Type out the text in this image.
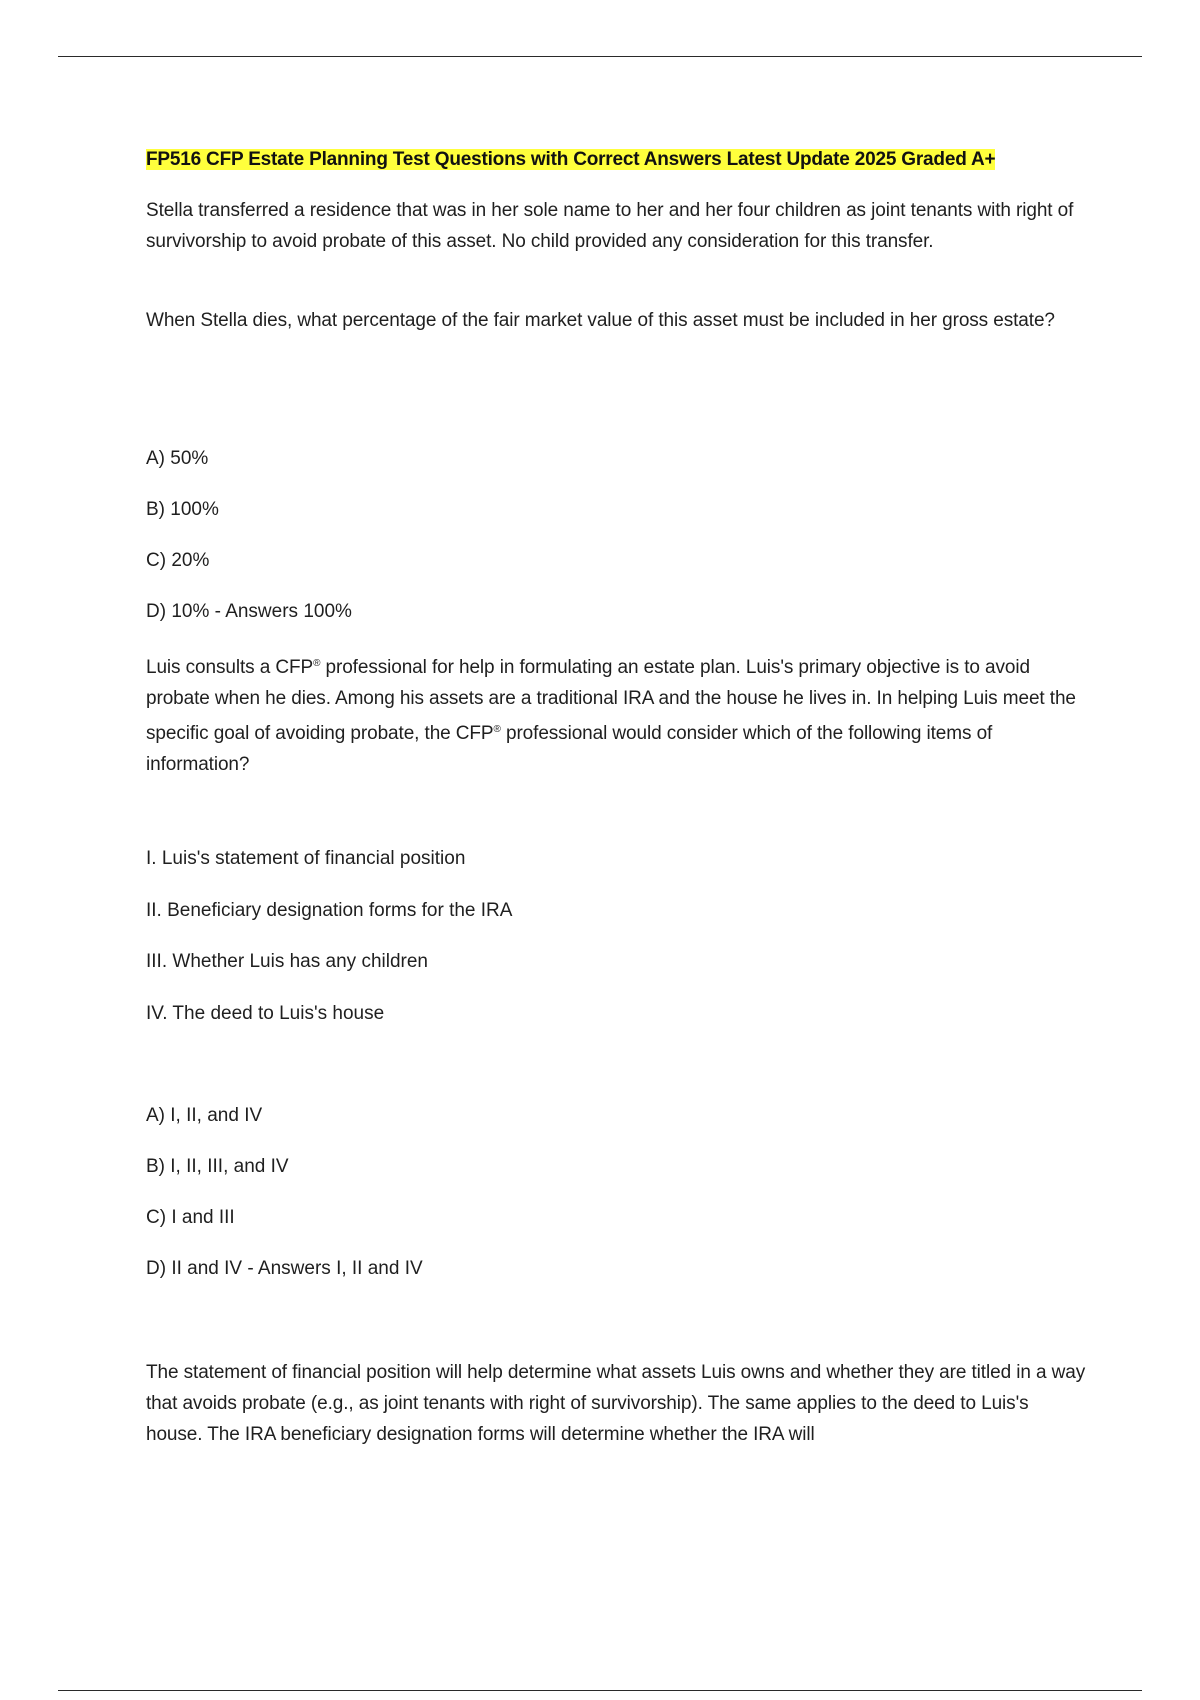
FP516 CFP Estate Planning Test Questions with Correct Answers Latest Update 2025 Graded A+

Stella transferred a residence that was in her sole name to her and her four children as joint tenants with right of survivorship to avoid probate of this asset. No child provided any consideration for this transfer.

When Stella dies, what percentage of the fair market value of this asset must be included in her gross estate?

A) 50%

B) 100%

C) 20%

D) 10% - Answers 100%

Luis consults a CFP® professional for help in formulating an estate plan. Luis's primary objective is to avoid probate when he dies. Among his assets are a traditional IRA and the house he lives in. In helping Luis meet the specific goal of avoiding probate, the CFP® professional would consider which of the following items of information?

I. Luis's statement of financial position

II. Beneficiary designation forms for the IRA

III. Whether Luis has any children

IV. The deed to Luis's house

A) I, II, and IV

B) I, II, III, and IV

C) I and III

D) II and IV - Answers I, II and IV

The statement of financial position will help determine what assets Luis owns and whether they are titled in a way that avoids probate (e.g., as joint tenants with right of survivorship). The same applies to the deed to Luis's house. The IRA beneficiary designation forms will determine whether the IRA will
